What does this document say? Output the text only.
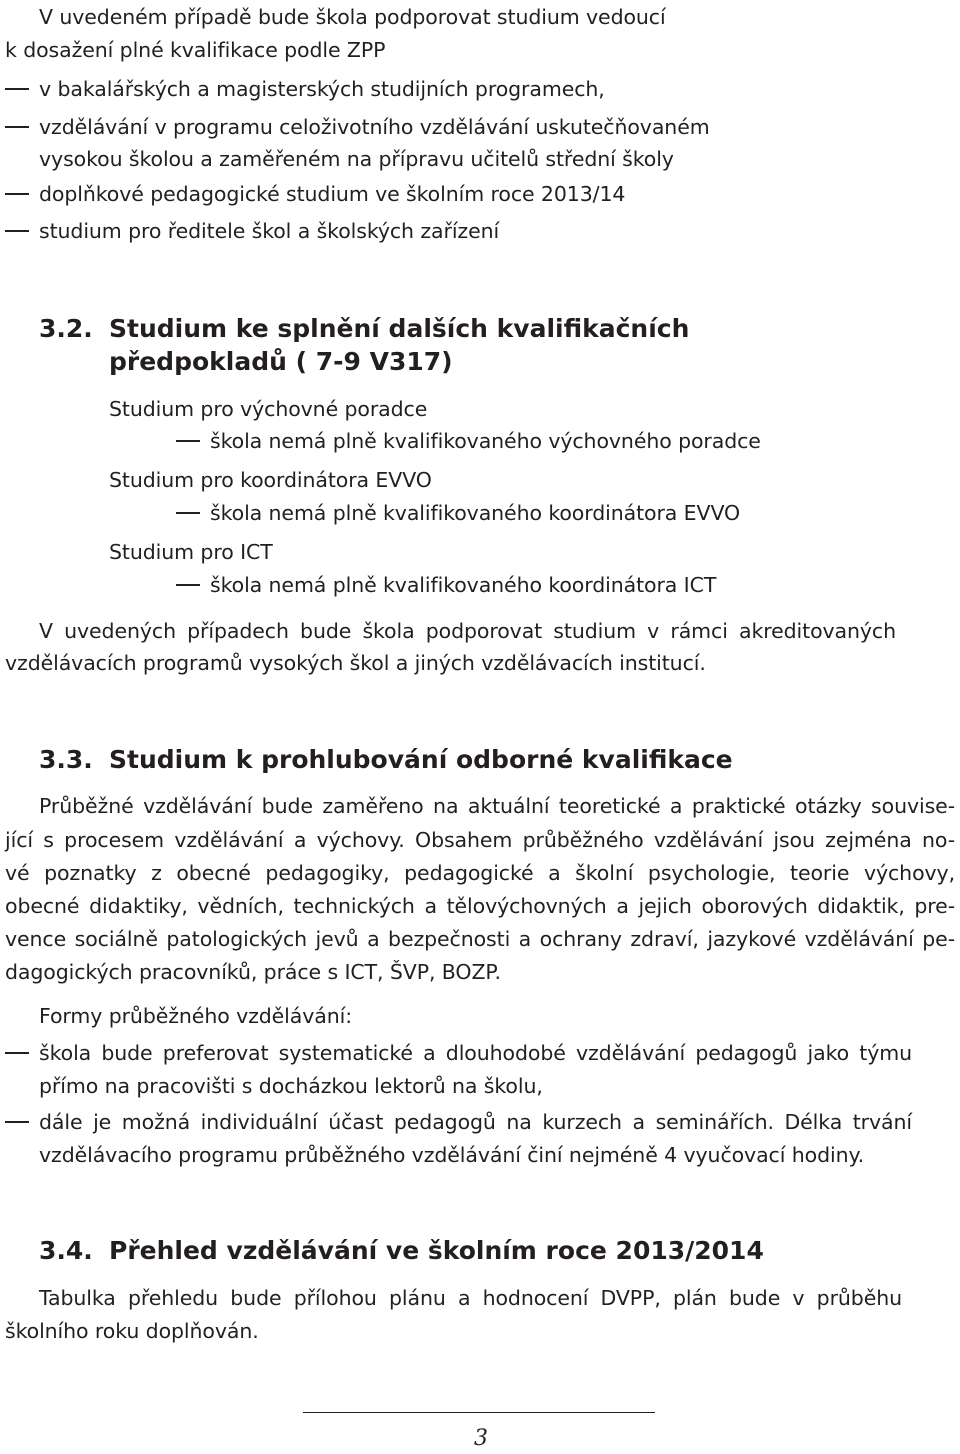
V uvedeném případě bude škola podporovat studium vedoucí

k dosažení plné kvalifikace podle ZPP

v bakalářských a magisterských studijních programech,

vzdělávání v programu celoživotního vzdělávání uskutečňovaném

vysokou školou a zaměřeném na přípravu učitelů střední školy

doplňkové pedagogické studium ve školním roce 2013/14

studium pro ředitele škol a školských zařízení

3.2. Studium ke splnění dalších kvalifikačních

předpokladů ( 7-9 V317)

Studium pro výchovné poradce

škola nemá plně kvalifikovaného výchovného poradce

Studium pro koordinátora EVVO

škola nemá plně kvalifikovaného koordinátora EVVO

Studium pro ICT

škola nemá plně kvalifikovaného koordinátora ICT

V uvedených případech bude škola podporovat studium v rámci akreditovaných

vzdělávacích programů vysokých škol a jiných vzdělávacích institucí.

3.3. Studium k prohlubování odborné kvalifikace

Průběžné vzdělávání bude zaměřeno na aktuální teoretické a praktické otázky souvise-

jící s procesem vzdělávání a výchovy. Obsahem průběžného vzdělávání jsou zejména no-

vé poznatky z obecné pedagogiky, pedagogické a školní psychologie, teorie výchovy,

obecné didaktiky, vědních, technických a tělovýchovných a jejich oborových didaktik, pre-

vence sociálně patologických jevů a bezpečnosti a ochrany zdraví, jazykové vzdělávání pe-

dagogických pracovníků, práce s ICT, ŠVP, BOZP.

Formy průběžného vzdělávání:

škola bude preferovat systematické a dlouhodobé vzdělávání pedagogů jako týmu

přímo na pracovišti s docházkou lektorů na školu,

dále je možná individuální účast pedagogů na kurzech a seminářích. Délka trvání

vzdělávacího programu průběžného vzdělávání činí nejméně 4 vyučovací hodiny.

3.4. Přehled vzdělávání ve školním roce 2013/2014

Tabulka přehledu bude přílohou plánu a hodnocení DVPP, plán bude v průběhu

školního roku doplňován.

3
